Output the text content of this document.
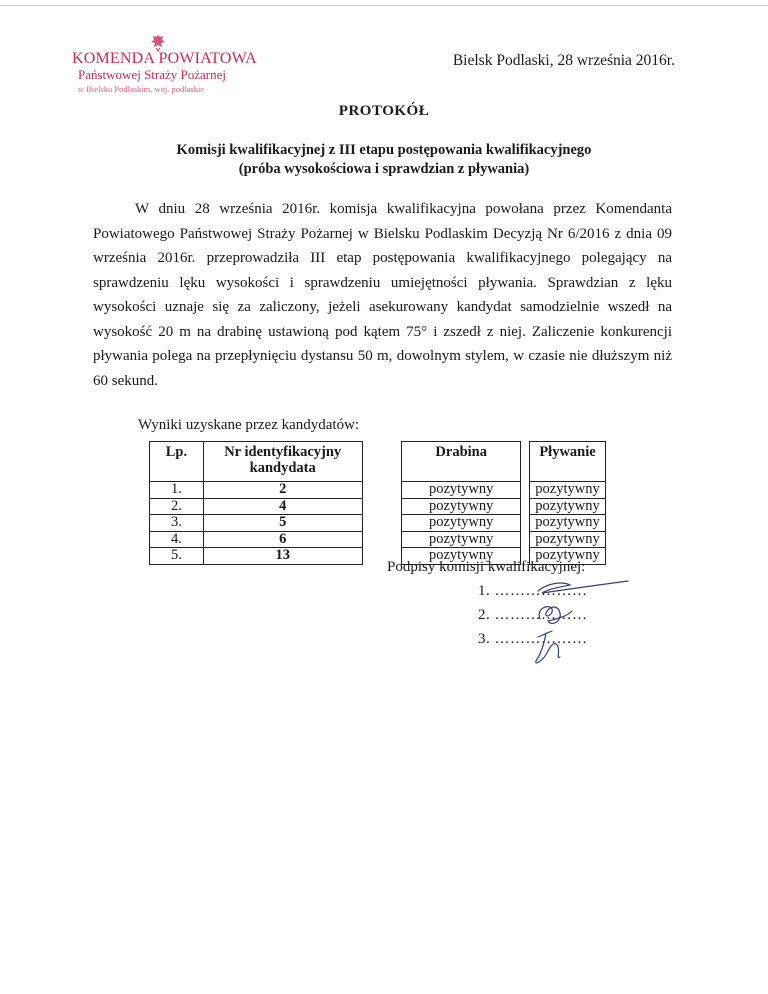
KOMENDA POWIATOWA
Państwowej Straży Pożarnej
w Bielsku Podlaskim, woj. podlaskie
Bielsk Podlaski, 28 września 2016r.
PROTOKÓŁ
Komisji kwalifikacyjnej z III etapu postępowania kwalifikacyjnego
(próba wysokościowa i sprawdzian z pływania)

W dniu 28 września 2016r. komisja kwalifikacyjna powołana przez Komendanta Powiatowego Państwowej Straży Pożarnej w Bielsku Podlaskim Decyzją Nr 6/2016 z dnia 09 września 2016r. przeprowadziła III etap postępowania kwalifikacyjnego polegający na sprawdzeniu lęku wysokości i sprawdzeniu umiejętności pływania. Sprawdzian z lęku wysokości uznaje się za zaliczony, jeżeli asekurowany kandydat samodzielnie wszedł na wysokość 20 m na drabinę ustawioną pod kątem 75° i zszedł z niej. Zaliczenie konkurencji pływania polega na przepłynięciu dystansu 50 m, dowolnym stylem, w czasie nie dłuższym niż 60 sekund.

Wyniki uzyskane przez kandydatów:
Lp.	Nr identyfikacyjny kandydata		Drabina		Pływanie
1.	2		pozytywny		pozytywny
2.	4		pozytywny		pozytywny
3.	5		pozytywny		pozytywny
4.	6		pozytywny		pozytywny
5.	13		pozytywny		pozytywny
Podpisy komisji kwalifikacyjnej:
1. ………………
2. ………………
3. ………………
